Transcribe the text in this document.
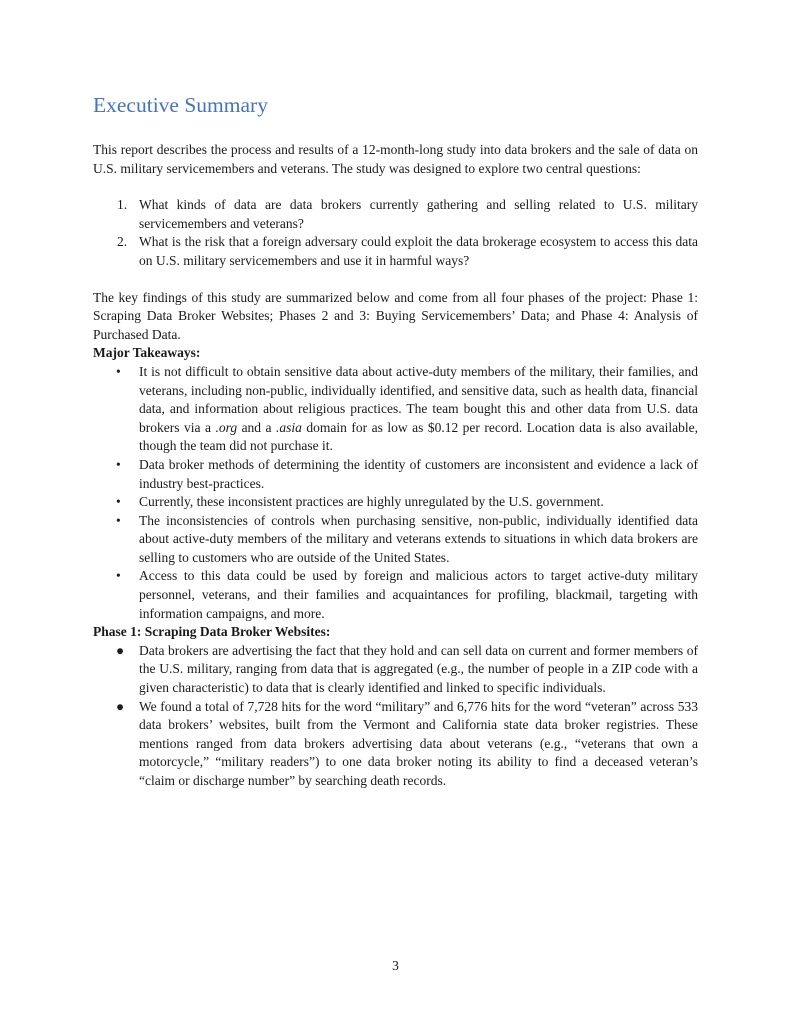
Executive Summary

This report describes the process and results of a 12-month-long study into data brokers and the sale of data on U.S. military servicemembers and veterans. The study was designed to explore two central questions:

1. What kinds of data are data brokers currently gathering and selling related to U.S. military servicemembers and veterans?
2. What is the risk that a foreign adversary could exploit the data brokerage ecosystem to access this data on U.S. military servicemembers and use it in harmful ways?

The key findings of this study are summarized below and come from all four phases of the project: Phase 1: Scraping Data Broker Websites; Phases 2 and 3: Buying Servicemembers’ Data; and Phase 4: Analysis of Purchased Data.

Major Takeaways:
• It is not difficult to obtain sensitive data about active-duty members of the military, their families, and veterans, including non-public, individually identified, and sensitive data, such as health data, financial data, and information about religious practices. The team bought this and other data from U.S. data brokers via a .org and a .asia domain for as low as $0.12 per record. Location data is also available, though the team did not purchase it.
• Data broker methods of determining the identity of customers are inconsistent and evidence a lack of industry best-practices.
• Currently, these inconsistent practices are highly unregulated by the U.S. government.
• The inconsistencies of controls when purchasing sensitive, non-public, individually identified data about active-duty members of the military and veterans extends to situations in which data brokers are selling to customers who are outside of the United States.
• Access to this data could be used by foreign and malicious actors to target active-duty military personnel, veterans, and their families and acquaintances for profiling, blackmail, targeting with information campaigns, and more.
Phase 1: Scraping Data Broker Websites:
● Data brokers are advertising the fact that they hold and can sell data on current and former members of the U.S. military, ranging from data that is aggregated (e.g., the number of people in a ZIP code with a given characteristic) to data that is clearly identified and linked to specific individuals.
● We found a total of 7,728 hits for the word “military” and 6,776 hits for the word “veteran” across 533 data brokers’ websites, built from the Vermont and California state data broker registries. These mentions ranged from data brokers advertising data about veterans (e.g., “veterans that own a motorcycle,” “military readers”) to one data broker noting its ability to find a deceased veteran’s “claim or discharge number” by searching death records.
3
